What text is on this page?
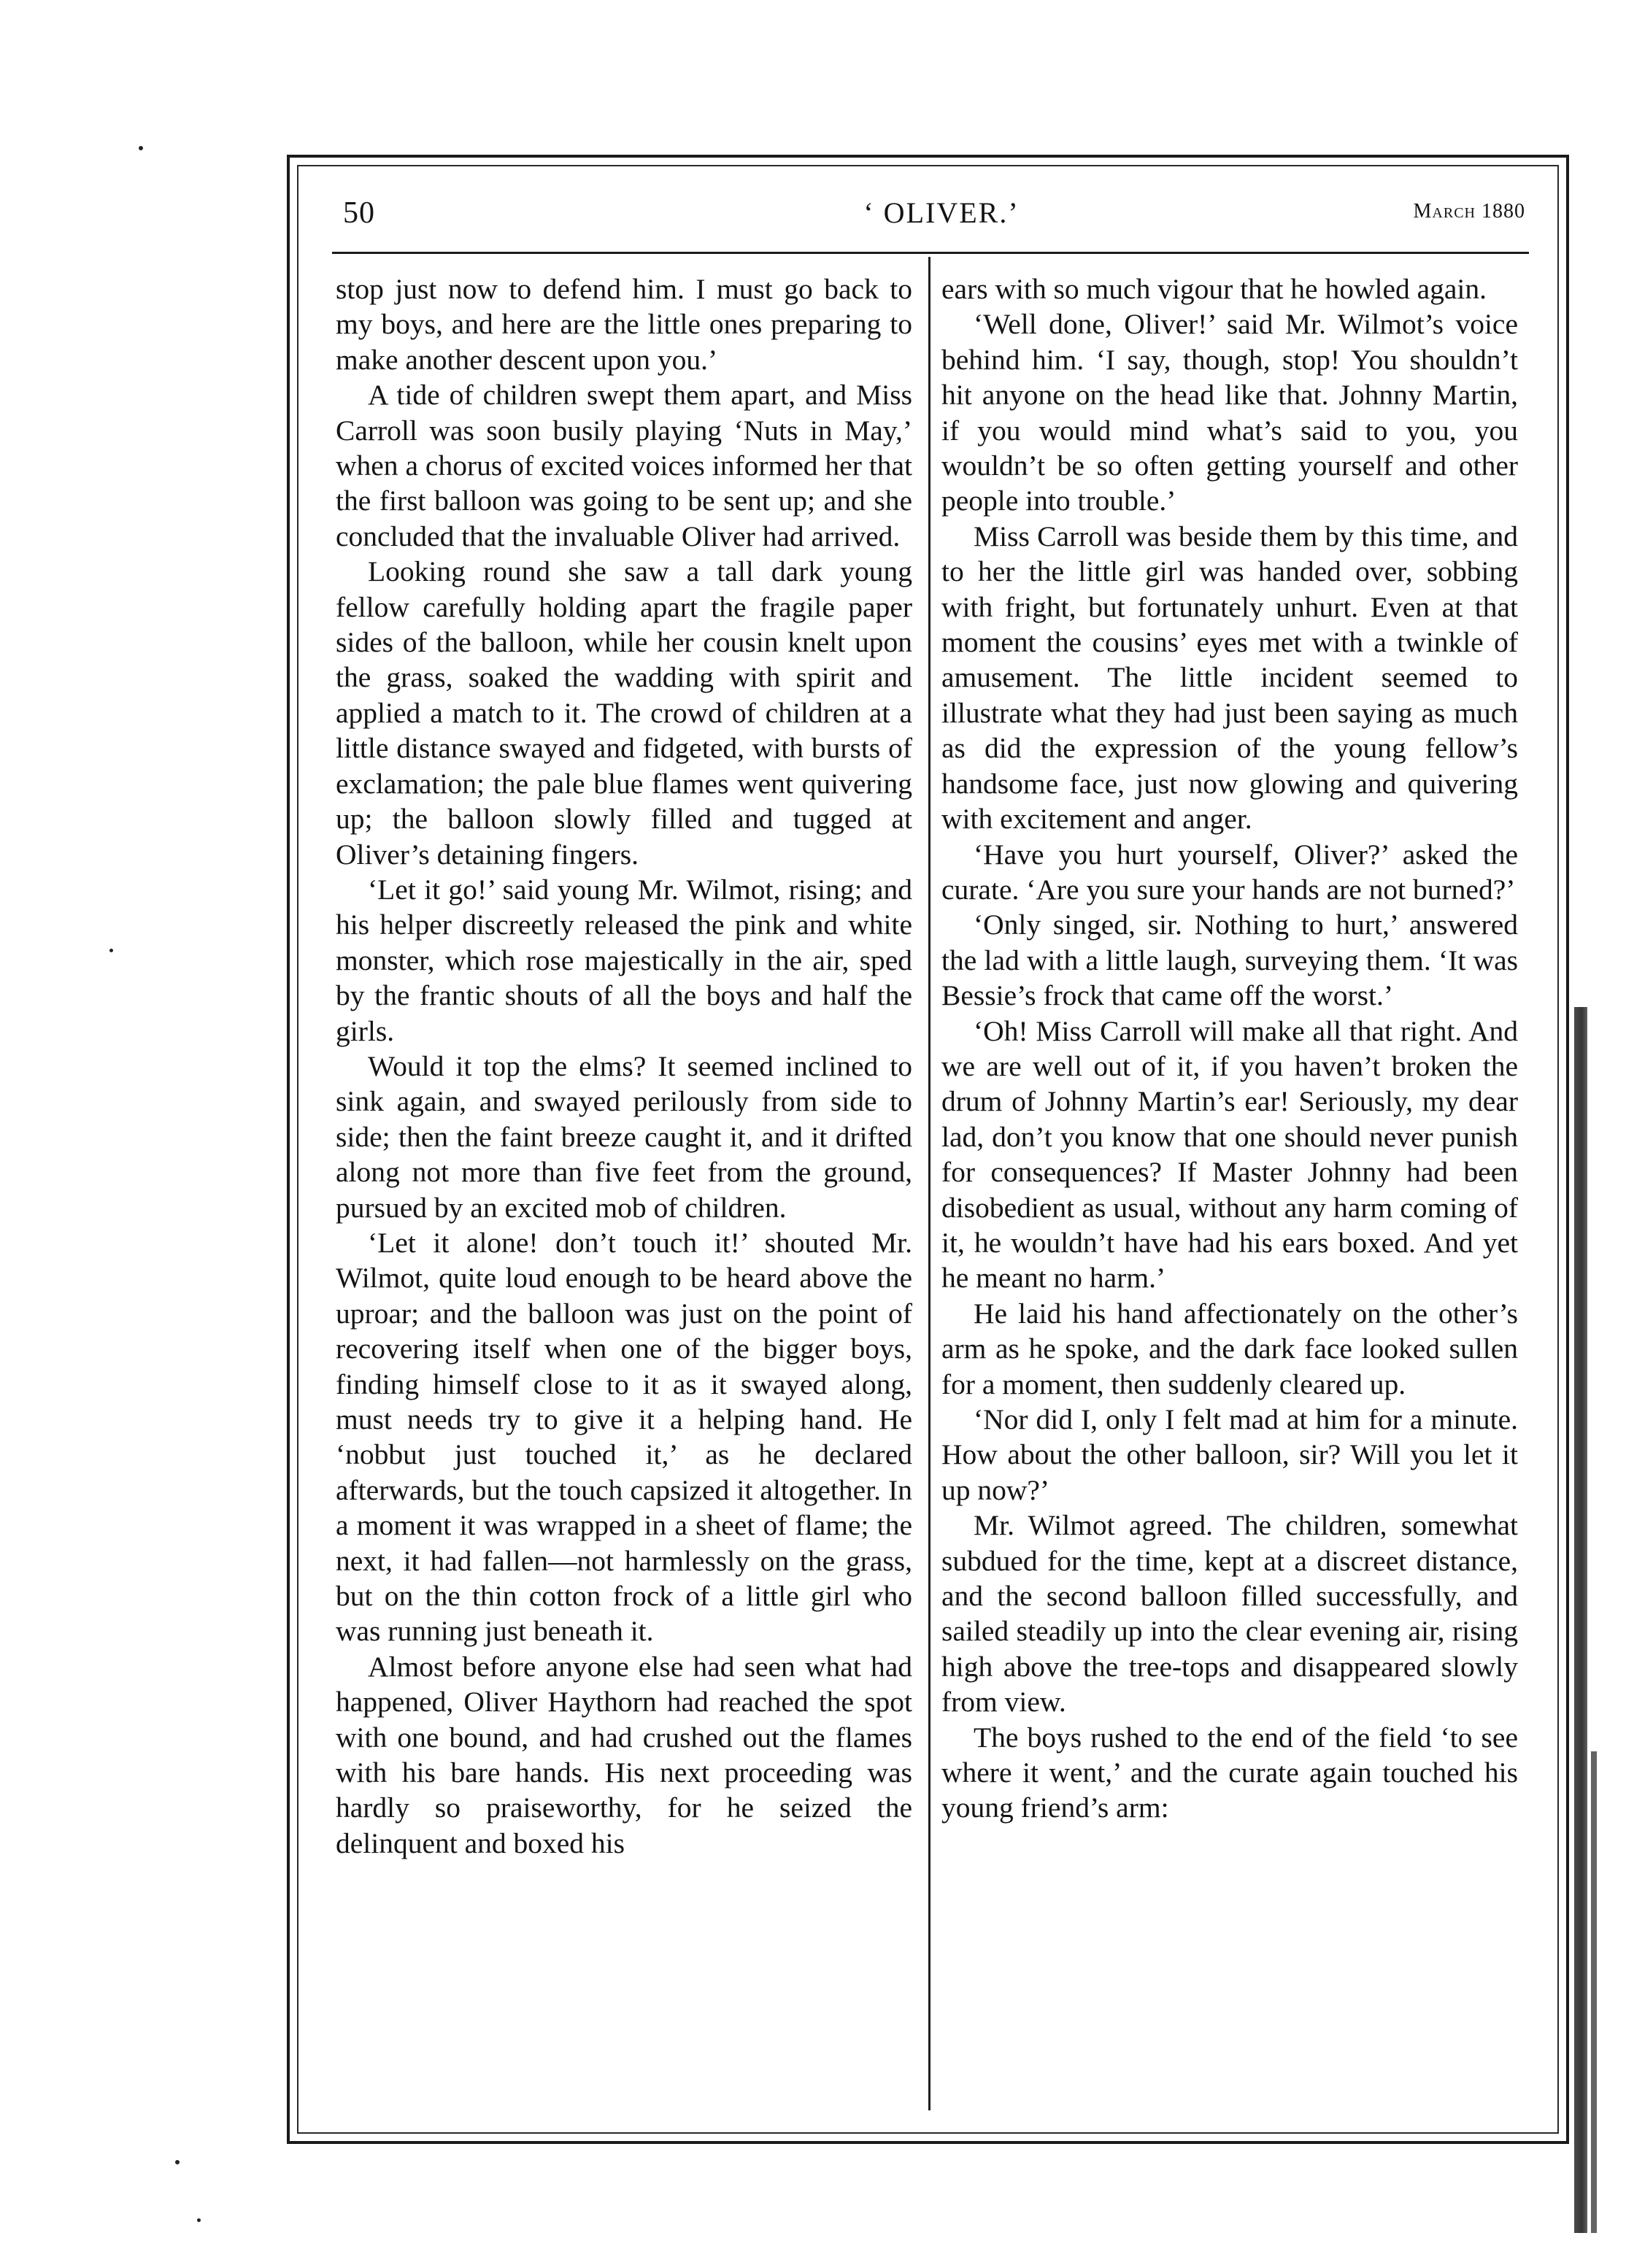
50	‘ OLIVER.’	March 1880

stop just now to defend him. I must go back to my boys, and here are the little ones preparing to make another descent upon you.’

A tide of children swept them apart, and Miss Carroll was soon busily playing ‘Nuts in May,’ when a chorus of excited voices informed her that the first balloon was going to be sent up; and she concluded that the invaluable Oliver had arrived.

Looking round she saw a tall dark young fellow carefully holding apart the fragile paper sides of the balloon, while her cousin knelt upon the grass, soaked the wadding with spirit and applied a match to it. The crowd of children at a little distance swayed and fidgeted, with bursts of exclamation; the pale blue flames went quivering up; the balloon slowly filled and tugged at Oliver’s detaining fingers.

‘Let it go!’ said young Mr. Wilmot, rising; and his helper discreetly released the pink and white monster, which rose majestically in the air, sped by the frantic shouts of all the boys and half the girls.

Would it top the elms? It seemed inclined to sink again, and swayed perilously from side to side; then the faint breeze caught it, and it drifted along not more than five feet from the ground, pursued by an excited mob of children.

‘Let it alone! don’t touch it!’ shouted Mr. Wilmot, quite loud enough to be heard above the uproar; and the balloon was just on the point of recovering itself when one of the bigger boys, finding himself close to it as it swayed along, must needs try to give it a helping hand. He ‘nobbut just touched it,’ as he declared afterwards, but the touch capsized it altogether. In a moment it was wrapped in a sheet of flame; the next, it had fallen—not harmlessly on the grass, but on the thin cotton frock of a little girl who was running just beneath it.

Almost before anyone else had seen what had happened, Oliver Haythorn had reached the spot with one bound, and had crushed out the flames with his bare hands. His next proceeding was hardly so praiseworthy, for he seized the delinquent and boxed his

ears with so much vigour that he howled again.

‘Well done, Oliver!’ said Mr. Wilmot’s voice behind him. ‘I say, though, stop! You shouldn’t hit anyone on the head like that. Johnny Martin, if you would mind what’s said to you, you wouldn’t be so often getting yourself and other people into trouble.’

Miss Carroll was beside them by this time, and to her the little girl was handed over, sobbing with fright, but fortunately unhurt. Even at that moment the cousins’ eyes met with a twinkle of amusement. The little incident seemed to illustrate what they had just been saying as much as did the expression of the young fellow’s handsome face, just now glowing and quivering with excitement and anger.

‘Have you hurt yourself, Oliver?’ asked the curate. ‘Are you sure your hands are not burned?’

‘Only singed, sir. Nothing to hurt,’ answered the lad with a little laugh, surveying them. ‘It was Bessie’s frock that came off the worst.’

‘Oh! Miss Carroll will make all that right. And we are well out of it, if you haven’t broken the drum of Johnny Martin’s ear! Seriously, my dear lad, don’t you know that one should never punish for consequences? If Master Johnny had been disobedient as usual, without any harm coming of it, he wouldn’t have had his ears boxed. And yet he meant no harm.’

He laid his hand affectionately on the other’s arm as he spoke, and the dark face looked sullen for a moment, then suddenly cleared up.

‘Nor did I, only I felt mad at him for a minute. How about the other balloon, sir? Will you let it up now?’

Mr. Wilmot agreed. The children, somewhat subdued for the time, kept at a discreet distance, and the second balloon filled successfully, and sailed steadily up into the clear evening air, rising high above the tree-tops and disappeared slowly from view.

The boys rushed to the end of the field ‘to see where it went,’ and the curate again touched his young friend’s arm:
